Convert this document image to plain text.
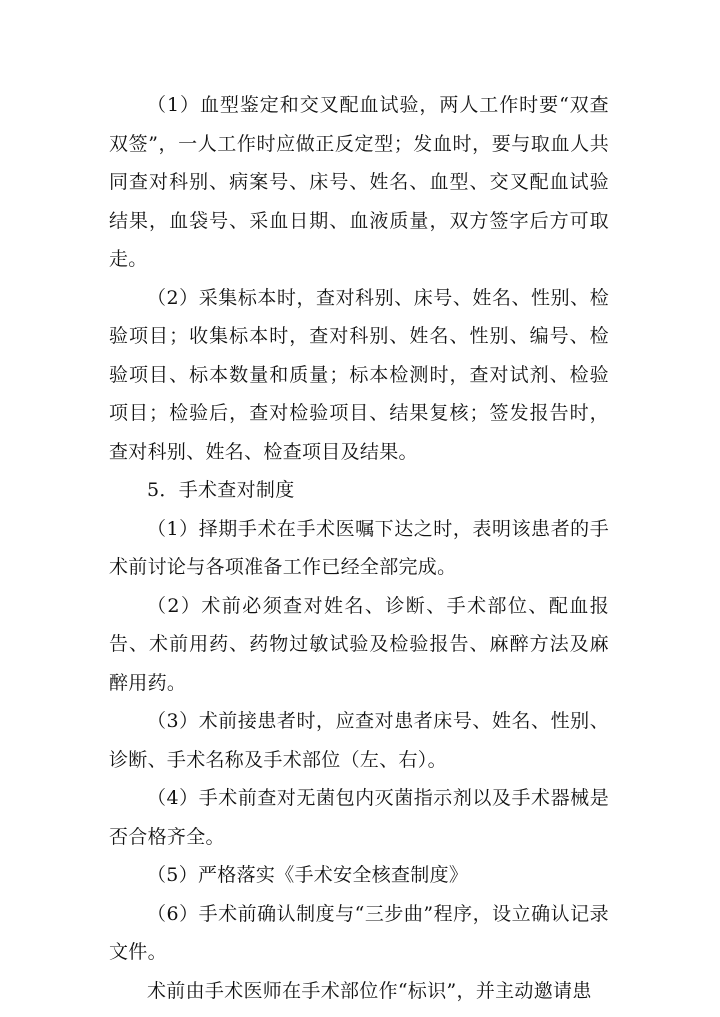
（1）血型鉴定和交叉配血试验，两人工作时要“双查双签”，一人工作时应做正反定型；发血时，要与取血人共同查对科别、病案号、床号、姓名、血型、交叉配血试验结果，血袋号、采血日期、血液质量，双方签字后方可取走。

（2）采集标本时，查对科别、床号、姓名、性别、检验项目；收集标本时，查对科别、姓名、性别、编号、检验项目、标本数量和质量；标本检测时，查对试剂、检验项目；检验后，查对检验项目、结果复核；签发报告时，查对科别、姓名、检查项目及结果。

5．手术查对制度

（1）择期手术在手术医嘱下达之时，表明该患者的手术前讨论与各项准备工作已经全部完成。

（2）术前必须查对姓名、诊断、手术部位、配血报告、术前用药、药物过敏试验及检验报告、麻醉方法及麻醉用药。

（3）术前接患者时，应查对患者床号、姓名、性别、诊断、手术名称及手术部位（左、右）。

（4）手术前查对无菌包内灭菌指示剂以及手术器械是否合格齐全。

（5）严格落实《手术安全核查制度》

（6）手术前确认制度与“三步曲”程序，设立确认记录文件。

术前由手术医师在手术部位作“标识”，并主动邀请患
